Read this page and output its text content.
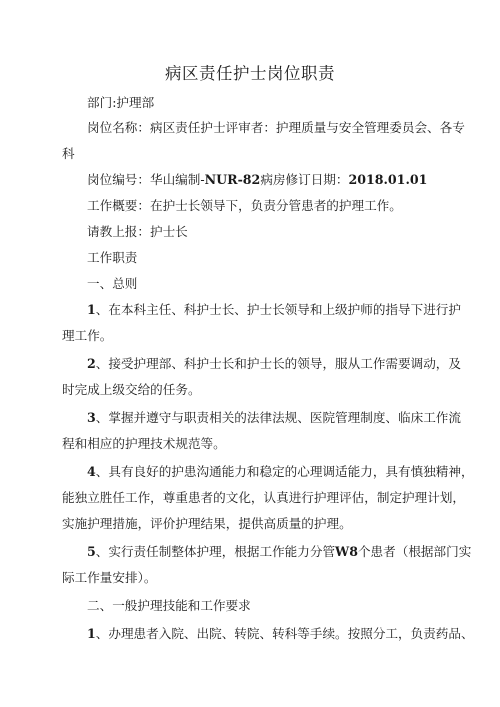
病区责任护士岗位职责
部门:护理部
岗位名称：病区责任护士评审者：护理质量与安全管理委员会、各专
科
岗位编号：华山编制-NUR-82病房修订日期：2018.01.01
工作概要：在护士长领导下，负责分管患者的护理工作。
请教上报：护士长
工作职责
一、总则
1、在本科主任、科护士长、护士长领导和上级护师的指导下进行护
理工作。
2、接受护理部、科护士长和护士长的领导，服从工作需要调动，及
时完成上级交给的任务。
3、掌握并遵守与职责相关的法律法规、医院管理制度、临床工作流
程和相应的护理技术规范等。
4、具有良好的护患沟通能力和稳定的心理调适能力，具有慎独精神，
能独立胜任工作，尊重患者的文化，认真进行护理评估，制定护理计划，
实施护理措施，评价护理结果，提供高质量的护理。
5、实行责任制整体护理，根据工作能力分管W8个患者（根据部门实
际工作量安排）。
二、一般护理技能和工作要求
1、办理患者入院、出院、转院、转科等手续。按照分工，负责药品、
